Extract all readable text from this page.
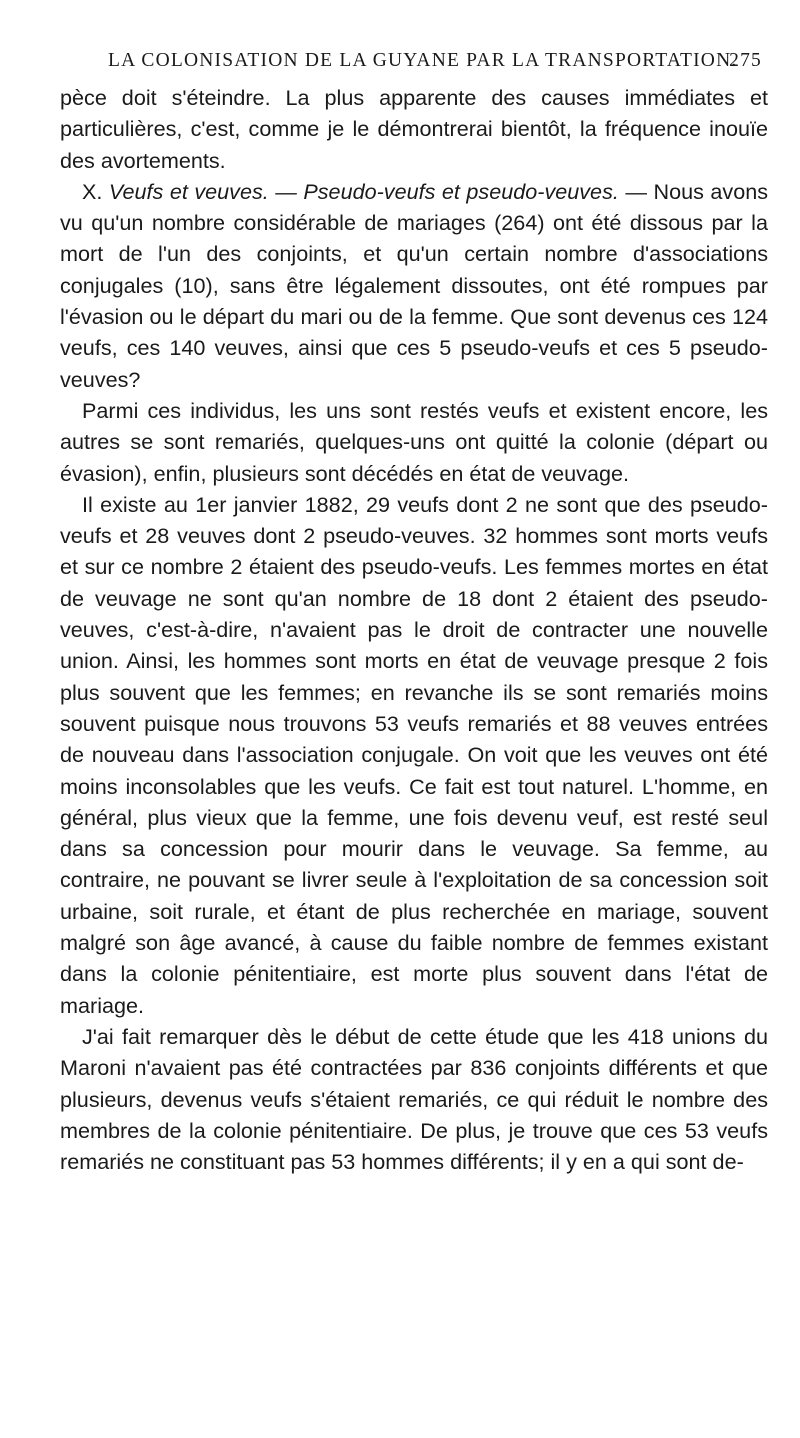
LA COLONISATION DE LA GUYANE PAR LA TRANSPORTATION.
275

pèce doit s'éteindre. La plus apparente des causes immédiates et particulières, c'est, comme je le démontrerai bientôt, la fréquence inouïe des avortements.

X. Veufs et veuves. — Pseudo-veufs et pseudo-veuves. — Nous avons vu qu'un nombre considérable de mariages (264) ont été dissous par la mort de l'un des conjoints, et qu'un certain nombre d'associations conjugales (10), sans être légalement dissoutes, ont été rompues par l'évasion ou le départ du mari ou de la femme. Que sont devenus ces 124 veufs, ces 140 veuves, ainsi que ces 5 pseudo-veufs et ces 5 pseudo-veuves?

Parmi ces individus, les uns sont restés veufs et existent encore, les autres se sont remariés, quelques-uns ont quitté la colonie (départ ou évasion), enfin, plusieurs sont décédés en état de veuvage.

Il existe au 1er janvier 1882, 29 veufs dont 2 ne sont que des pseudo-veufs et 28 veuves dont 2 pseudo-veuves. 32 hommes sont morts veufs et sur ce nombre 2 étaient des pseudo-veufs. Les femmes mortes en état de veuvage ne sont qu'an nombre de 18 dont 2 étaient des pseudo-veuves, c'est-à-dire, n'avaient pas le droit de contracter une nouvelle union. Ainsi, les hommes sont morts en état de veuvage presque 2 fois plus souvent que les femmes; en revanche ils se sont remariés moins souvent puisque nous trouvons 53 veufs remariés et 88 veuves entrées de nouveau dans l'association conjugale. On voit que les veuves ont été moins inconsolables que les veufs. Ce fait est tout naturel. L'homme, en général, plus vieux que la femme, une fois devenu veuf, est resté seul dans sa concession pour mourir dans le veuvage. Sa femme, au contraire, ne pouvant se livrer seule à l'exploitation de sa concession soit urbaine, soit rurale, et étant de plus recherchée en mariage, souvent malgré son âge avancé, à cause du faible nombre de femmes existant dans la colonie pénitentiaire, est morte plus souvent dans l'état de mariage.

J'ai fait remarquer dès le début de cette étude que les 418 unions du Maroni n'avaient pas été contractées par 836 conjoints différents et que plusieurs, devenus veufs s'étaient remariés, ce qui réduit le nombre des membres de la colonie pénitentiaire. De plus, je trouve que ces 53 veufs remariés ne constituant pas 53 hommes différents; il y en a qui sont de-
